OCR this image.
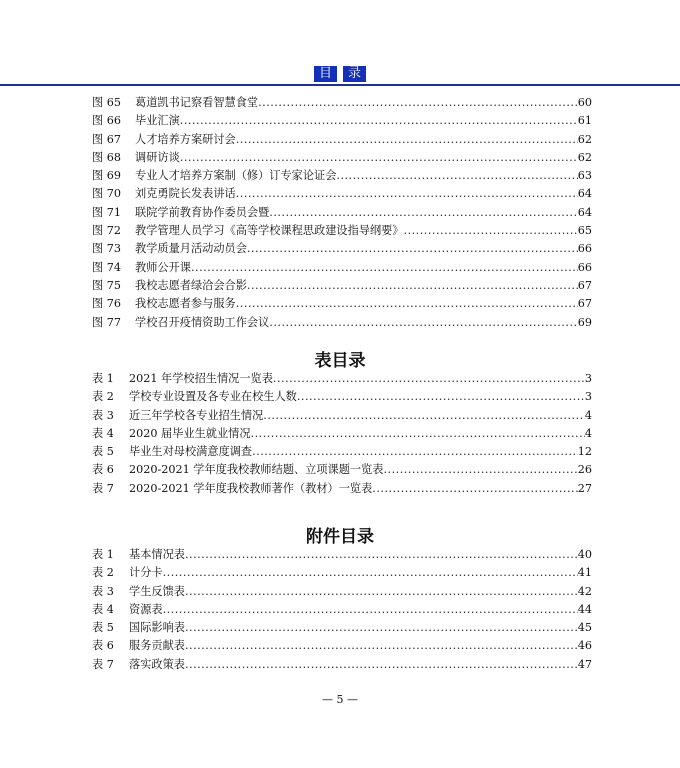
目 录
图 65	葛道凯书记察看智慧食堂 .....	60
图 66	毕业汇演 .....	61
图 67	人才培养方案研讨会 .....	62
图 68	调研访谈 .....	62
图 69	专业人才培养方案制（修）订专家论证会 .....	63
图 70	刘克勇院长发表讲话 .....	64
图 71	联院学前教育协作委员会暨 .....	64
图 72	教学管理人员学习《高等学校课程思政建设指导纲要》 .....	65
图 73	教学质量月活动动员会 .....	66
图 74	教师公开课 .....	66
图 75	我校志愿者绿洽会合影 .....	67
图 76	我校志愿者参与服务 .....	67
图 77	学校召开疫情资助工作会议 .....	69
表目录
表 1	2021 年学校招生情况一览表 .....	3
表 2	学校专业设置及各专业在校生人数 .....	3
表 3	近三年学校各专业招生情况 .....	4
表 4	2020 届毕业生就业情况 .....	4
表 5	毕业生对母校满意度调查 .....	12
表 6	2020-2021 学年度我校教师结题、立项课题一览表 .....	26
表 7	2020-2021 学年度我校教师著作（教材）一览表 .....	27
附件目录
表 1	基本情况表 .....	40
表 2	计分卡 .....	41
表 3	学生反馈表 .....	42
表 4	资源表 .....	44
表 5	国际影响表 .....	45
表 6	服务贡献表 .....	46
表 7	落实政策表 .....	47
— 5 —
